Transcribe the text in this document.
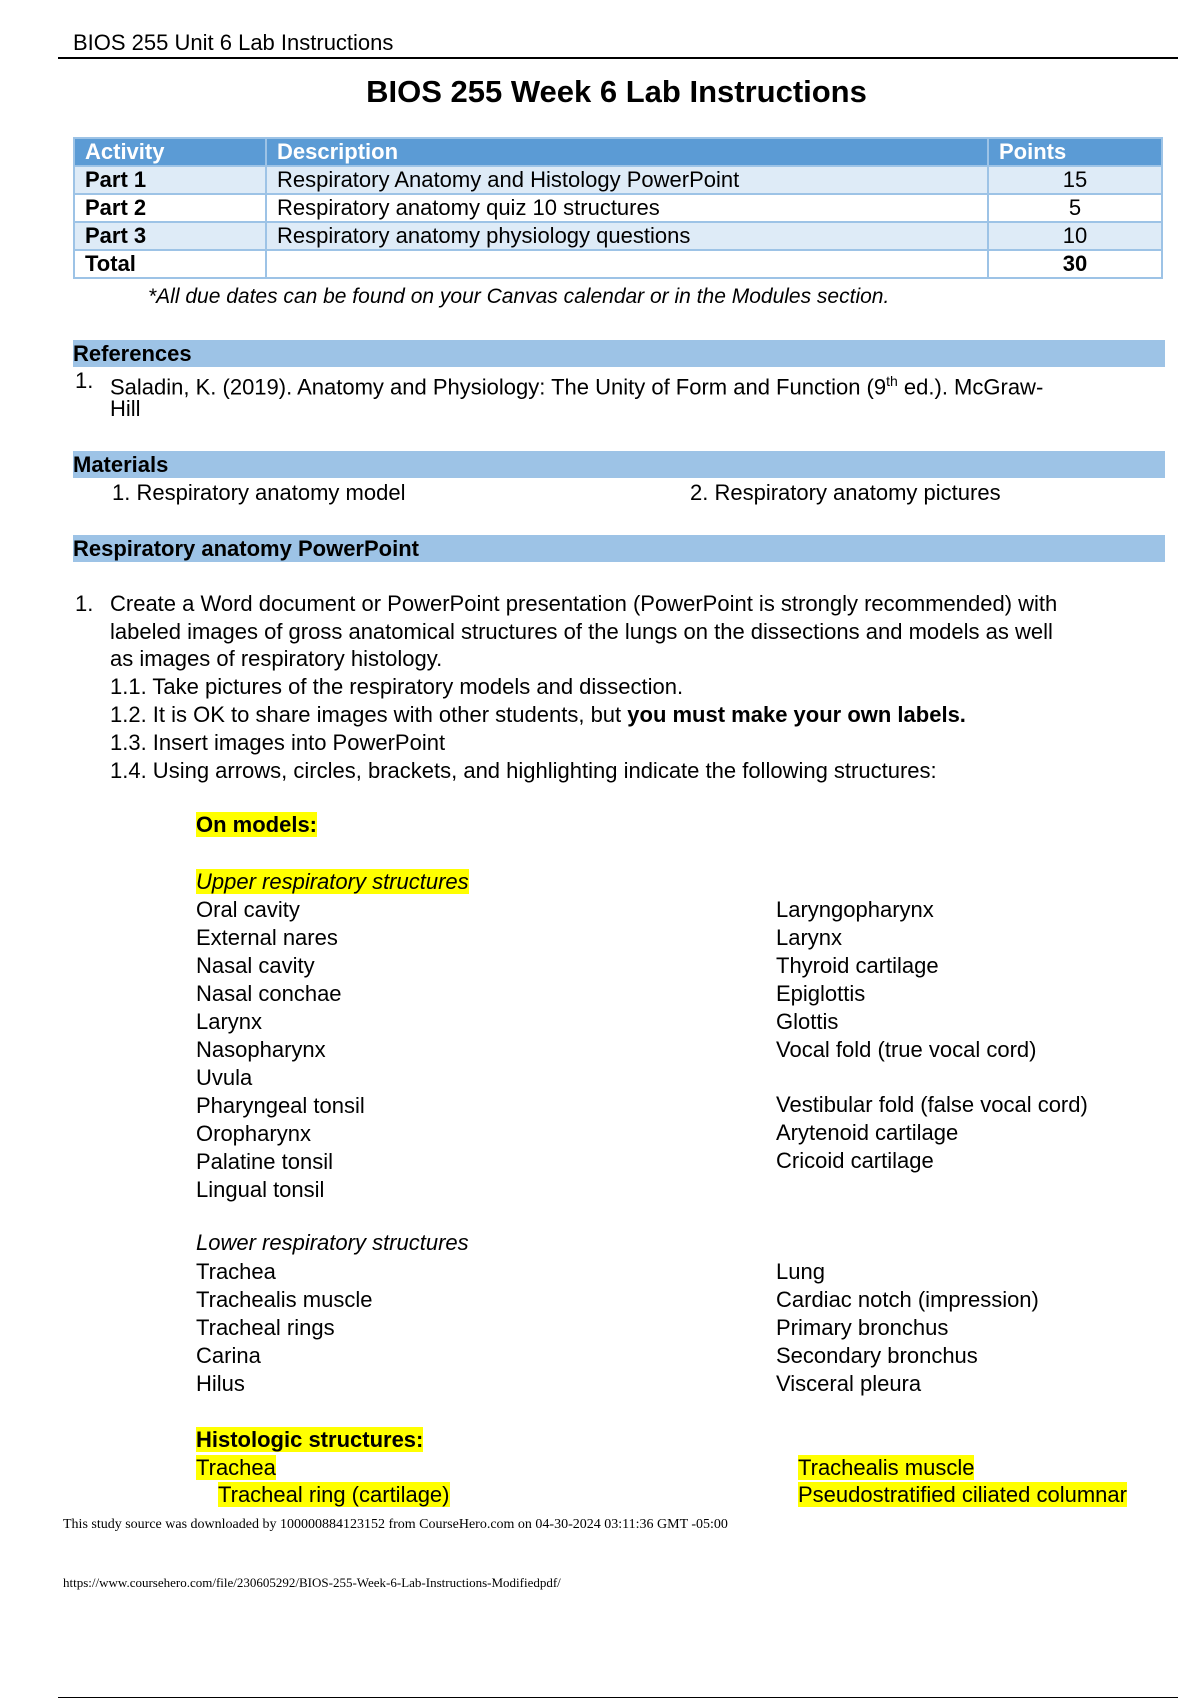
BIOS 255 Unit 6 Lab Instructions
BIOS 255 Week 6 Lab Instructions
Activity	Description	Points
Part 1	Respiratory Anatomy and Histology PowerPoint	15
Part 2	Respiratory anatomy quiz 10 structures	5
Part 3	Respiratory anatomy physiology questions	10
Total		30
*All due dates can be found on your Canvas calendar or in the Modules section.
References
1. Saladin, K. (2019). Anatomy and Physiology: The Unity of Form and Function (9th ed.). McGraw-
Hill
Materials
1. Respiratory anatomy model	2. Respiratory anatomy pictures
Respiratory anatomy PowerPoint
1. Create a Word document or PowerPoint presentation (PowerPoint is strongly recommended) with
labeled images of gross anatomical structures of the lungs on the dissections and models as well
as images of respiratory histology.
1.1. Take pictures of the respiratory models and dissection.
1.2. It is OK to share images with other students, but you must make your own labels.
1.3. Insert images into PowerPoint
1.4. Using arrows, circles, brackets, and highlighting indicate the following structures:
On models:
Upper respiratory structures
Oral cavity
External nares
Nasal cavity
Nasal conchae
Larynx
Nasopharynx
Uvula
Pharyngeal tonsil
Oropharynx
Palatine tonsil
Lingual tonsil
Laryngopharynx
Larynx
Thyroid cartilage
Epiglottis
Glottis
Vocal fold (true vocal cord)
Vestibular fold (false vocal cord)
Arytenoid cartilage
Cricoid cartilage
Lower respiratory structures
Trachea
Trachealis muscle
Tracheal rings
Carina
Hilus
Lung
Cardiac notch (impression)
Primary bronchus
Secondary bronchus
Visceral pleura
Histologic structures:
Trachea
Tracheal ring (cartilage)
Trachealis muscle
Pseudostratified ciliated columnar
This study source was downloaded by 100000884123152 from CourseHero.com on 04-30-2024 03:11:36 GMT -05:00
https://www.coursehero.com/file/230605292/BIOS-255-Week-6-Lab-Instructions-Modifiedpdf/
